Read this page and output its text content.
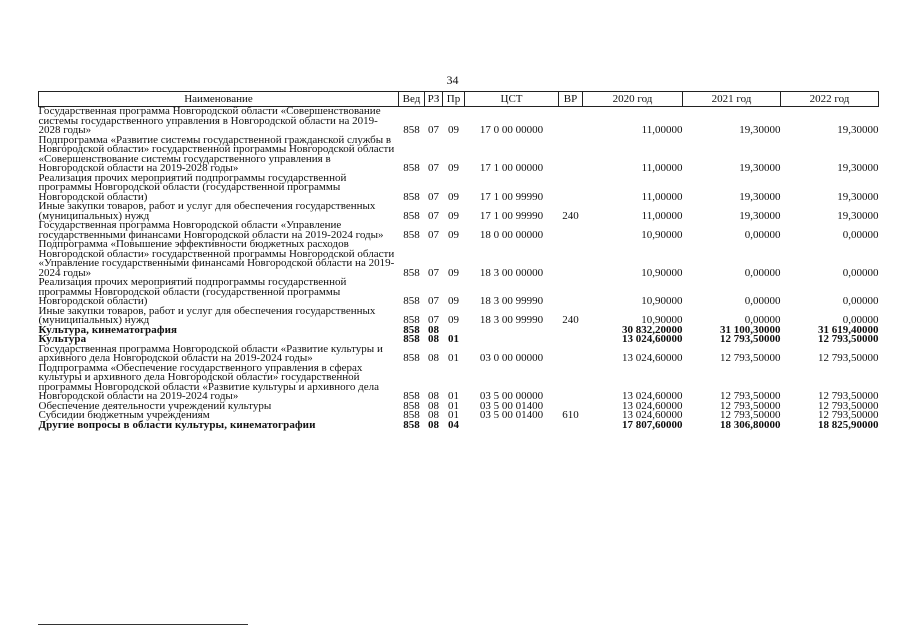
34
Наименование	Вед	РЗ	Пр	ЦСТ	ВР	2020 год	2021 год	2022 год
Государственная программа Новгородской области «Совершенствование системы государственного управления в Новгородской области на 2019-2028 годы»	858	07	09	17 0 00 00000		11,00000	19,30000	19,30000
Подпрограмма «Развитие системы государственной гражданской службы в Новгородской области» государственной программы Новгородской области «Совершенствование системы государственного управления в Новгородской области на 2019-2028 годы»	858	07	09	17 1 00 00000		11,00000	19,30000	19,30000
Реализация прочих мероприятий подпрограммы государственной программы Новгородской области (государственной программы Новгородской области)	858	07	09	17 1 00 99990		11,00000	19,30000	19,30000
Иные закупки товаров, работ и услуг для обеспечения государственных (муниципальных) нужд	858	07	09	17 1 00 99990	240	11,00000	19,30000	19,30000
Государственная программа Новгородской области «Управление государственными финансами Новгородской области на 2019-2024 годы»	858	07	09	18 0 00 00000		10,90000	0,00000	0,00000
Подпрограмма «Повышение эффективности бюджетных расходов Новгородской области» государственной программы Новгородской области «Управление государственными финансами Новгородской области на 2019-2024 годы»	858	07	09	18 3 00 00000		10,90000	0,00000	0,00000
Реализация прочих мероприятий подпрограммы государственной программы Новгородской области (государственной программы Новгородской области)	858	07	09	18 3 00 99990		10,90000	0,00000	0,00000
Иные закупки товаров, работ и услуг для обеспечения государственных (муниципальных) нужд	858	07	09	18 3 00 99990	240	10,90000	0,00000	0,00000
Культура, кинематография	858	08				30 832,20000	31 100,30000	31 619,40000
Культура	858	08	01			13 024,60000	12 793,50000	12 793,50000
Государственная программа Новгородской области «Развитие культуры и архивного дела Новгородской области на 2019-2024 годы»	858	08	01	03 0 00 00000		13 024,60000	12 793,50000	12 793,50000
Подпрограмма «Обеспечение государственного управления в сферах культуры и архивного дела Новгородской области» государственной программы Новгородской области «Развитие культуры и архивного дела Новгородской области на 2019-2024 годы»	858	08	01	03 5 00 00000		13 024,60000	12 793,50000	12 793,50000
Обеспечение деятельности учреждений культуры	858	08	01	03 5 00 01400		13 024,60000	12 793,50000	12 793,50000
Субсидии бюджетным учреждениям	858	08	01	03 5 00 01400	610	13 024,60000	12 793,50000	12 793,50000
Другие вопросы в области культуры, кинематографии	858	08	04			17 807,60000	18 306,80000	18 825,90000
